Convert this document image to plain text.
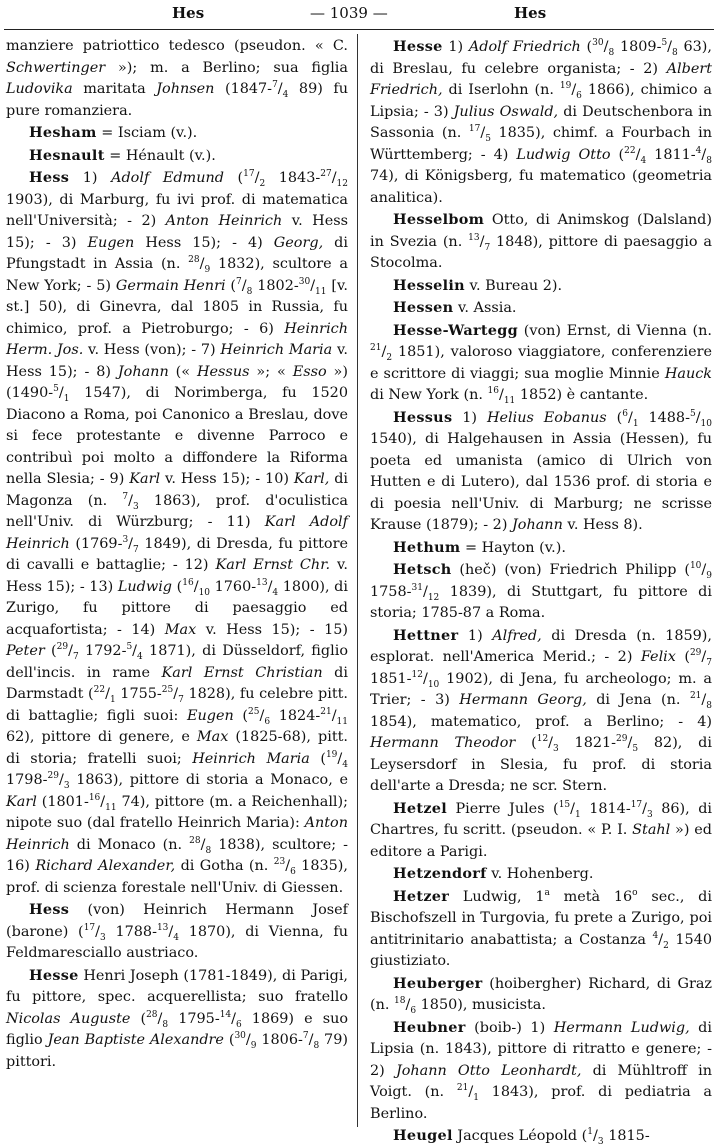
Hes	— 1039 —	Hes

manziere patriottico tedesco (pseudon. « C. Schwertinger »); m. a Berlino; sua figlia Ludovika maritata Johnsen ($1847-^7/_4$ 89) fu pure romanziera.

Hesham = Isciam (v.).

Hesnault = Hénault (v.).

Hess 1) Adolf Edmund ($^{17}/_2$ $1843-^{27}/_{12}$ 1903), di Marburg, fu ivi prof. di matematica nell'Università; - 2) Anton Heinrich v. Hess 15); - 3) Eugen Hess 15); - 4) Georg, di Pfungstadt in Assia (n. $^{28}/_9$ 1832), scultore a New York; - 5) Germain Henri ($^7/_8$ $1802-^{30}/_{11}$ [v. st.] 50), di Ginevra, dal 1805 in Russia, fu chimico, prof. a Pietroburgo; - 6) Heinrich Herm. Jos. v. Hess (von); - 7) Heinrich Maria v. Hess 15); - 8) Johann (« Hessus »; « Esso ») ($1490-^5/_1$ 1547), di Norimberga, fu 1520 Diacono a Roma, poi Canonico a Breslau, dove si fece protestante e divenne Parroco e contribuì poi molto a diffondere la Riforma nella Slesia; - 9) Karl v. Hess 15); - 10) Karl, di Magonza (n. $^7/_3$ 1863), prof. d'oculistica nell'Univ. di Würzburg; - 11) Karl Adolf Heinrich ($1769-^3/_7$ 1849), di Dresda, fu pittore di cavalli e battaglie; - 12) Karl Ernst Chr. v. Hess 15); - 13) Ludwig ($^{16}/_{10}$ $1760-^{13}/_4$ 1800), di Zurigo, fu pittore di paesaggio ed acquafortista; - 14) Max v. Hess 15); - 15) Peter ($^{29}/_7$ $1792-^5/_4$ 1871), di Düsseldorf, figlio dell'incis. in rame Karl Ernst Christian di Darmstadt ($^{22}/_1$ $1755-^{25}/_7$ 1828), fu celebre pitt. di battaglie; figli suoi: Eugen ($^{25}/_6$ $1824-^{21}/_{11}$ 62), pittore di genere, e Max (1825-68), pitt. di storia; fratelli suoi; Heinrich Maria ($^{19}/_4$ $1798-^{29}/_3$ 1863), pittore di storia a Monaco, e Karl ($1801-^{16}/_{11}$ 74), pittore (m. a Reichenhall); nipote suo (dal fratello Heinrich Maria): Anton Heinrich di Monaco (n. $^{28}/_8$ 1838), scultore; - 16) Richard Alexander, di Gotha (n. $^{23}/_6$ 1835), prof. di scienza forestale nell'Univ. di Giessen.

Hess (von) Heinrich Hermann Josef (barone) ($^{17}/_3$ $1788-^{13}/_4$ 1870), di Vienna, fu Feldmaresciallo austriaco.

Hesse Henri Joseph (1781-1849), di Parigi, fu pittore, spec. acquerellista; suo fratello Nicolas Auguste ($^{28}/_8$ $1795-^{14}/_6$ 1869) e suo figlio Jean Baptiste Alexandre ($^{30}/_9$ $1806-^7/_8$ 79) pittori.

Hesse 1) Adolf Friedrich ($^{30}/_8$ $1809-^5/_8$ 63), di Breslau, fu celebre organista; - 2) Albert Friedrich, di Iserlohn (n. $^{19}/_6$ 1866), chimico a Lipsia; - 3) Julius Oswald, di Deutschenbora in Sassonia (n. $^{17}/_5$ 1835), chimf. a Fourbach in Württemberg; - 4) Ludwig Otto ($^{22}/_4$ $1811-^4/_8$ 74), di Königsberg, fu matematico (geometria analitica).

Hesselbom Otto, di Animskog (Dalsland) in Svezia (n. $^{13}/_7$ 1848), pittore di paesaggio a Stocolma.

Hesselin v. Bureau 2).

Hessen v. Assia.

Hesse-Wartegg (von) Ernst, di Vienna (n. $^{21}/_2$ 1851), valoroso viaggiatore, conferenziere e scrittore di viaggi; sua moglie Minnie Hauck di New York (n. $^{16}/_{11}$ 1852) è cantante.

Hessus 1) Helius Eobanus ($^6/_1$ $1488-^5/_{10}$ 1540), di Halgehausen in Assia (Hessen), fu poeta ed umanista (amico di Ulrich von Hutten e di Lutero), dal 1536 prof. di storia e di poesia nell'Univ. di Marburg; ne scrisse Krause (1879); - 2) Johann v. Hess 8).

Hethum = Hayton (v.).

Hetsch (heč) (von) Friedrich Philipp ($^{10}/_9$ $1758-^{31}/_{12}$ 1839), di Stuttgart, fu pittore di storia; 1785-87 a Roma.

Hettner 1) Alfred, di Dresda (n. 1859), esplorat. nell'America Merid.; - 2) Felix ($^{29}/_7$ $1851-^{12}/_{10}$ 1902), di Jena, fu archeologo; m. a Trier; - 3) Hermann Georg, di Jena (n. $^{21}/_8$ 1854), matematico, prof. a Berlino; - 4) Hermann Theodor ($^{12}/_3$ $1821-^{29}/_5$ 82), di Leysersdorf in Slesia, fu prof. di storia dell'arte a Dresda; ne scr. Stern.

Hetzel Pierre Jules ($^{15}/_1$ $1814-^{17}/_3$ 86), di Chartres, fu scritt. (pseudon. « P. I. Stahl ») ed editore a Parigi.

Hetzendorf v. Hohenberg.

Hetzer Ludwig, 1$^a$ metà 16$^o$ sec., di Bischofszell in Turgovia, fu prete a Zurigo, poi antitrinitario anabattista; a Costanza $^4/_2$ 1540 giustiziato.

Heuberger (hoibergher) Richard, di Graz (n. $^{18}/_6$ 1850), musicista.

Heubner (boib-) 1) Hermann Ludwig, di Lipsia (n. 1843), pittore di ritratto e genere; - 2) Johann Otto Leonhardt, di Mühltroff in Voigt. (n. $^{21}/_1$ 1843), prof. di pediatria a Berlino.

Heugel Jacques Léopold ($^1/_3$ 1815-
